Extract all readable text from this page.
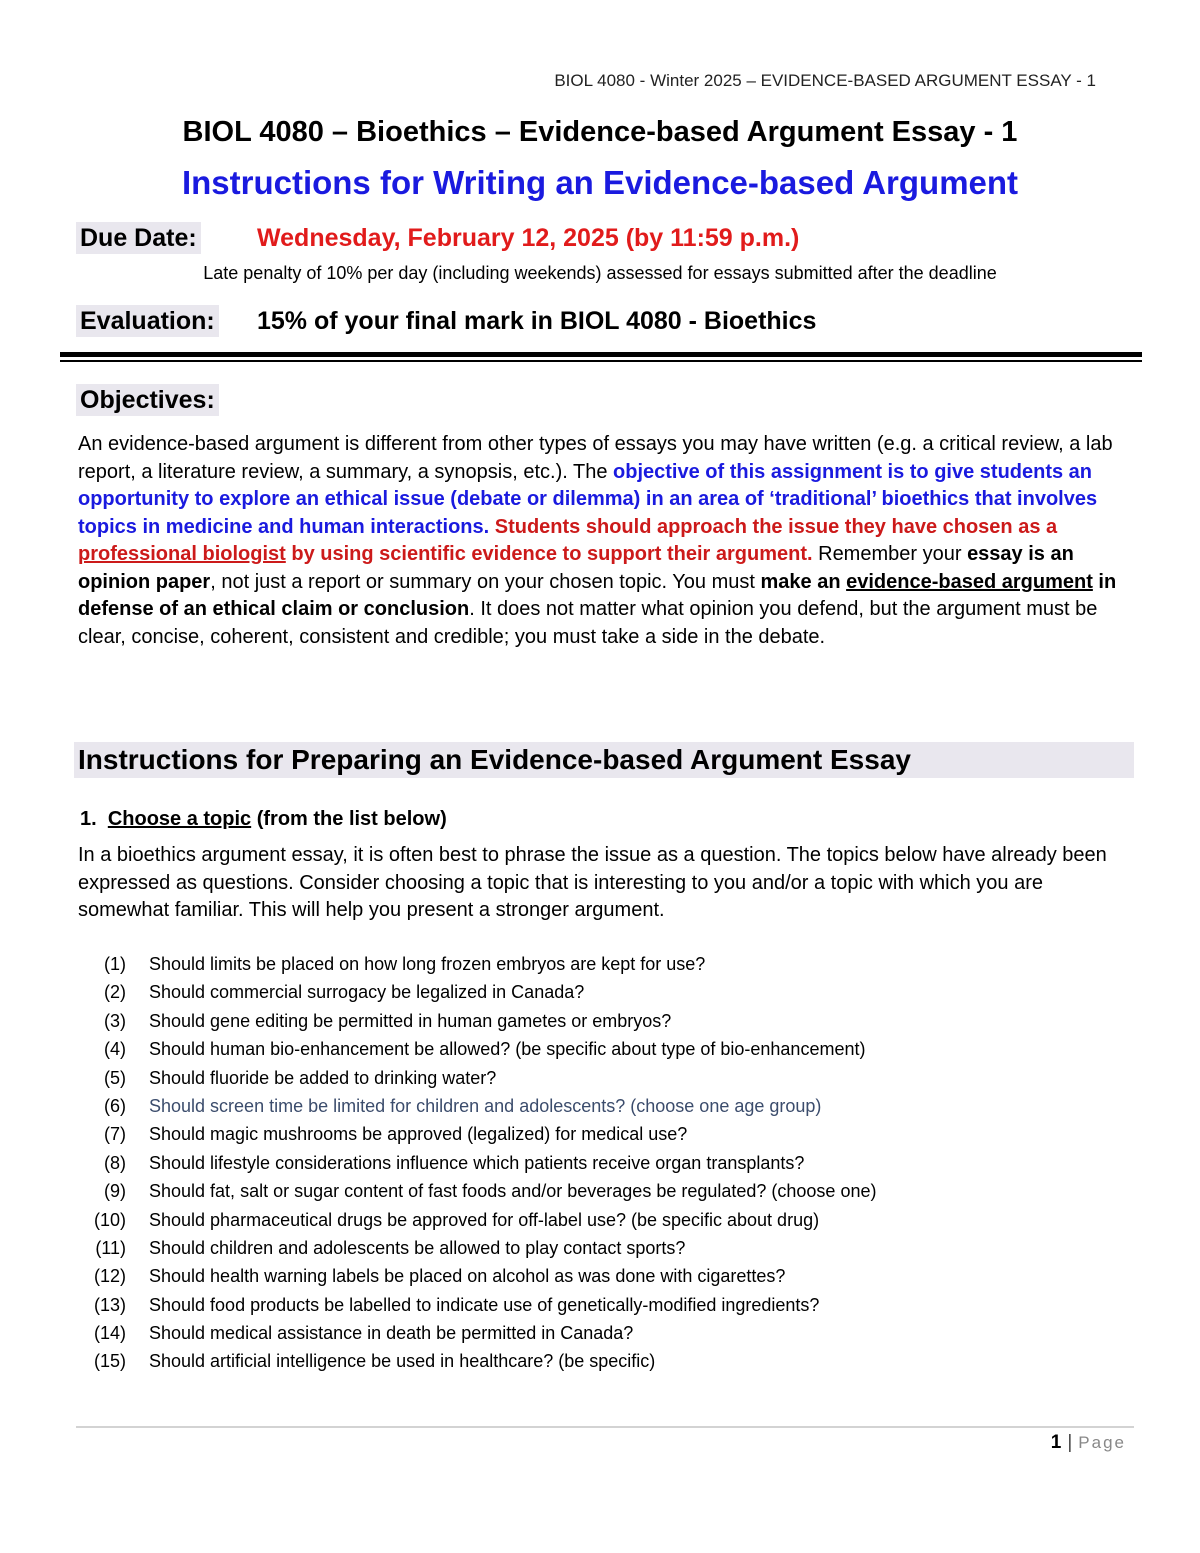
BIOL 4080 - Winter 2025 – EVIDENCE-BASED ARGUMENT ESSAY - 1
BIOL 4080 – Bioethics – Evidence-based Argument Essay - 1
Instructions for Writing an Evidence-based Argument
Due Date: Wednesday, February 12, 2025 (by 11:59 p.m.)
Late penalty of 10% per day (including weekends) assessed for essays submitted after the deadline
Evaluation: 15% of your final mark in BIOL 4080 - Bioethics
Objectives:

An evidence-based argument is different from other types of essays you may have written (e.g. a critical review, a lab report, a literature review, a summary, a synopsis, etc.). The objective of this assignment is to give students an opportunity to explore an ethical issue (debate or dilemma) in an area of ‘traditional’ bioethics that involves topics in medicine and human interactions. Students should approach the issue they have chosen as a professional biologist by using scientific evidence to support their argument. Remember your essay is an opinion paper, not just a report or summary on your chosen topic. You must make an evidence-based argument in defense of an ethical claim or conclusion. It does not matter what opinion you defend, but the argument must be clear, concise, coherent, consistent and credible; you must take a side in the debate.

Instructions for Preparing an Evidence-based Argument Essay
1. Choose a topic (from the list below)

In a bioethics argument essay, it is often best to phrase the issue as a question. The topics below have already been expressed as questions. Consider choosing a topic that is interesting to you and/or a topic with which you are somewhat familiar. This will help you present a stronger argument.

(1) Should limits be placed on how long frozen embryos are kept for use?
(2) Should commercial surrogacy be legalized in Canada?
(3) Should gene editing be permitted in human gametes or embryos?
(4) Should human bio-enhancement be allowed? (be specific about type of bio-enhancement)
(5) Should fluoride be added to drinking water?
(6) Should screen time be limited for children and adolescents? (choose one age group)
(7) Should magic mushrooms be approved (legalized) for medical use?
(8) Should lifestyle considerations influence which patients receive organ transplants?
(9) Should fat, salt or sugar content of fast foods and/or beverages be regulated? (choose one)
(10) Should pharmaceutical drugs be approved for off-label use? (be specific about drug)
(11) Should children and adolescents be allowed to play contact sports?
(12) Should health warning labels be placed on alcohol as was done with cigarettes?
(13) Should food products be labelled to indicate use of genetically-modified ingredients?
(14) Should medical assistance in death be permitted in Canada?
(15) Should artificial intelligence be used in healthcare? (be specific)
1 | Page
